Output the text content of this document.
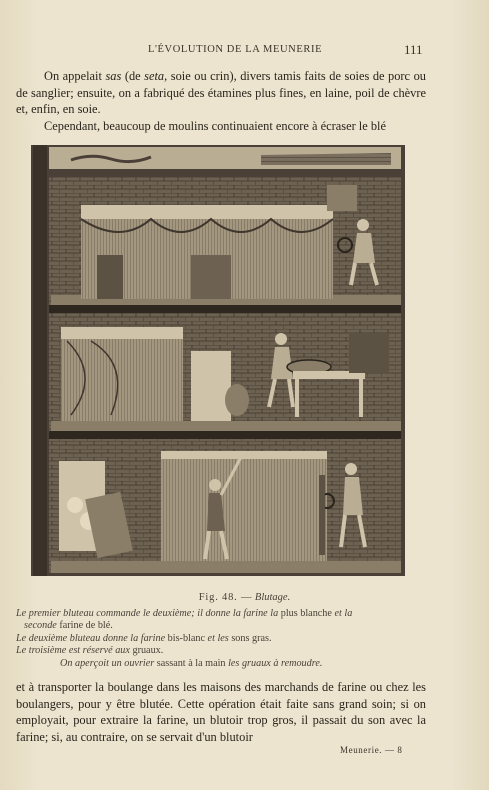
L'ÉVOLUTION DE LA MEUNERIE	111

On appelait sas (de seta, soie ou crin), divers tamis faits de soies de porc ou de sanglier; ensuite, on a fabriqué des étamines plus fines, en laine, poil de chèvre et, enfin, en soie.

Cependant, beaucoup de moulins continuaient encore à écraser le blé

Fig. 48. — Blutage.
Le premier bluteau commande le deuxième; il donne la farine la plus blanche et la
seconde farine de blé.
Le deuxième bluteau donne la farine bis-blanc et les sons gras.
Le troisième est réservé aux gruaux.
On aperçoit un ouvrier sassant à la main les gruaux à remoudre.

et à transporter la boulange dans les maisons des marchands de farine ou chez les boulangers, pour y être blutée. Cette opération était faite sans grand soin; si on employait, pour extraire la farine, un blutoir trop gros, il passait du son avec la farine; si, au contraire, on se servait d'un blutoir

Meunerie. — 8
